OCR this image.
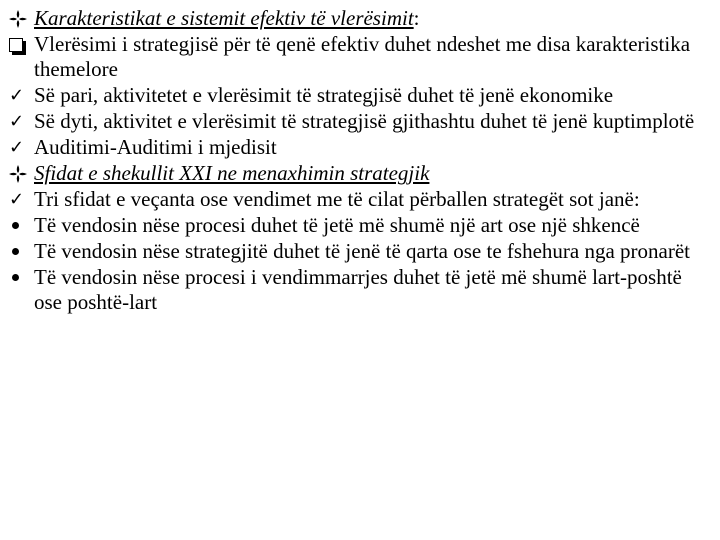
Karakteristikat e sistemit efektiv të vlerësimit:
Vlerësimi i strategjisë për të qenë efektiv duhet ndeshet me disa karakteristika themelore
✓ Së pari, aktivitetet e vlerësimit të strategjisë duhet të jenë ekonomike
✓ Së dyti, aktivitet e vlerësimit të strategjisë gjithashtu duhet të jenë kuptimplotë
✓ Auditimi-Auditimi i mjedisit
Sfidat e shekullit XXI ne menaxhimin strategjik
✓ Tri sfidat e veçanta ose vendimet me të cilat përballen strategët sot janë:
Të vendosin nëse procesi duhet të jetë më shumë një art ose një shkencë
Të vendosin nëse strategjitë duhet të jenë të qarta ose te fshehura nga pronarët
Të vendosin nëse procesi i vendimmarrjes duhet të jetë më shumë lart-poshtë ose poshtë-lart
